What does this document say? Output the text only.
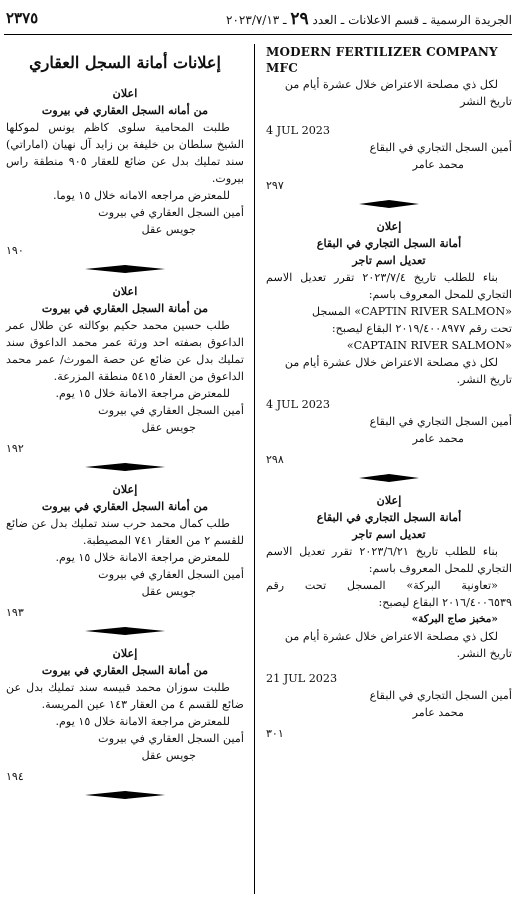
٢٣٧٥	الجريدة الرسمية ـ قسم الاعلانات ـ العدد ٢٩ ـ ٢٠٢٣/٧/١٣

إعلانات أمانة السجل العقاري

اعلان

من أمانه السجل العقاري في بيروت

طلبت المحامية سلوى كاظم يونس لموكلها الشيخ سلطان بن خليفة بن زايد آل نهيان (اماراتي) سند تمليك بدل عن ضائع للعقار ٩٠٥ منطقة راس بيروت.

للمعترض مراجعه الامانه خلال ١٥ يوما.

أمين السجل العقاري في بيروت

جويس عقل

١٩٠

اعلان

من أمانة السجل العقاري في بيروت

طلب حسين محمد حكيم بوكالته عن طلال عمر الداعوق بصفته احد ورثة عمر محمد الداعوق سند تمليك بدل عن ضائع عن حصة المورث/ عمر محمد الداعوق من العقار ٥٤١٥ منطقة المزرعة.

للمعترض مراجعة الامانة خلال ١٥ يوم.

أمين السجل العقاري في بيروت

جويس عقل

١٩٢

إعلان

من أمانة السجل العقاري في بيروت

طلب كمال محمد حرب سند تمليك بدل عن ضائع للقسم ٢ من العقار ٧٤١ المصيطبة.

للمعترض مراجعة الامانة خلال ١٥ يوم.

أمين السجل العقاري في بيروت

جويس عقل

١٩٣

إعلان

من أمانة السجل العقاري في بيروت

طلبت سوزان محمد قبيسه سند تمليك بدل عن ضائع للقسم ٤ من العقار ١٤٣ عين المريسة.

للمعترض مراجعة الامانة خلال ١٥ يوم.

أمين السجل العقاري في بيروت

جويس عقل

١٩٤

MODERN FERTILIZER COMPANY MFC

لكل ذي مصلحة الاعتراض خلال عشرة أيام من تاريخ النشر

4 JUL 2023

أمين السجل التجاري في البقاع

محمد عامر

٢٩٧

إعلان

أمانة السجل التجاري في البقاع

تعديل اسم تاجر

بناء للطلب تاريخ ٢٠٢٣/٧/٤ تقرر تعديل الاسم التجاري للمحل المعروف باسم:

«CAPTIN RIVER SALMON» المسجل

تحت رقم ٢٠١٩/٤٠٠٨٩٧٧ البقاع ليصبح:

«CAPTAIN RIVER SALMON»

لكل ذي مصلحة الاعتراض خلال عشرة أيام من تاريخ النشر.

4 JUL 2023

أمين السجل التجاري في البقاع

محمد عامر

٢٩٨

إعلان

أمانة السجل التجاري في البقاع

تعديل اسم تاجر

بناء للطلب تاريخ ٢٠٢٣/٦/٢١ تقرر تعديل الاسم التجاري للمحل المعروف باسم:

«تعاونية البركة» المسجل تحت رقم ٢٠١٦/٤٠٠٦٥٣٩ البقاع ليصبح:

«مخبز صاج البركة»

لكل ذي مصلحة الاعتراض خلال عشرة أيام من تاريخ النشر.

21 JUL 2023

أمين السجل التجاري في البقاع

محمد عامر

٣٠١
